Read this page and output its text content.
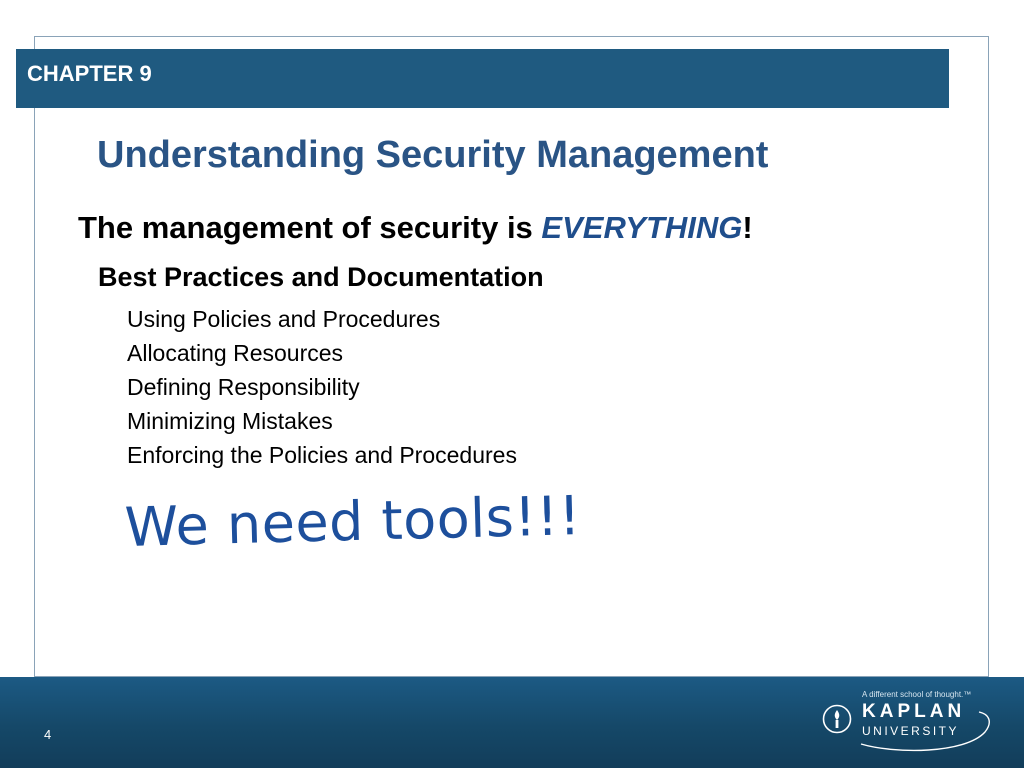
CHAPTER 9
Understanding Security Management
The management of security is EVERYTHING!
Best Practices and Documentation
Using Policies and Procedures
Allocating Resources
Defining Responsibility
Minimizing Mistakes
Enforcing the Policies and Procedures
We need tools!!!
4
A different school of thought.™
KAPLAN
UNIVERSITY
